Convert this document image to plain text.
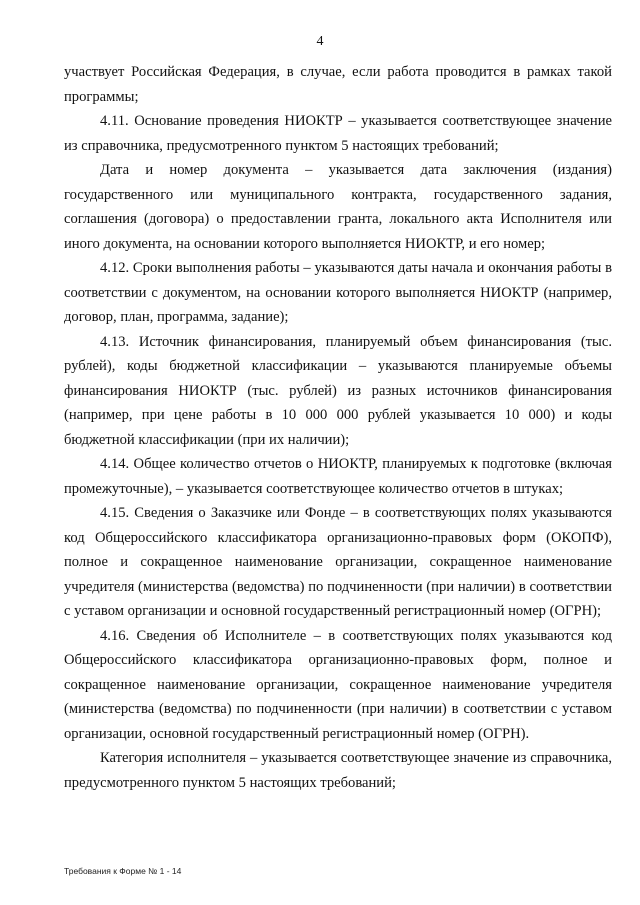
4

участвует Российская Федерация, в случае, если работа проводится в рамках такой программы;

4.11. Основание проведения НИОКТР – указывается соответствующее значение из справочника, предусмотренного пунктом 5 настоящих требований;

Дата и номер документа – указывается дата заключения (издания) государственного или муниципального контракта, государственного задания, соглашения (договора) о предоставлении гранта, локального акта Исполнителя или иного документа, на основании которого выполняется НИОКТР, и его номер;

4.12. Сроки выполнения работы – указываются даты начала и окончания работы в соответствии с документом, на основании которого выполняется НИОКТР (например, договор, план, программа, задание);

4.13. Источник финансирования, планируемый объем финансирования (тыс. рублей), коды бюджетной классификации – указываются планируемые объемы финансирования НИОКТР (тыс. рублей) из разных источников финансирования (например, при цене работы в 10 000 000 рублей указывается 10 000) и коды бюджетной классификации (при их наличии);

4.14. Общее количество отчетов о НИОКТР, планируемых к подготовке (включая промежуточные), – указывается соответствующее количество отчетов в штуках;

4.15. Сведения о Заказчике или Фонде – в соответствующих полях указываются код Общероссийского классификатора организационно-правовых форм (ОКОПФ), полное и сокращенное наименование организации, сокращенное наименование учредителя (министерства (ведомства) по подчиненности (при наличии) в соответствии с уставом организации и основной государственный регистрационный номер (ОГРН);

4.16. Сведения об Исполнителе – в соответствующих полях указываются код Общероссийского классификатора организационно-правовых форм, полное и сокращенное наименование организации, сокращенное наименование учредителя (министерства (ведомства) по подчиненности (при наличии) в соответствии с уставом организации, основной государственный регистрационный номер (ОГРН).

Категория исполнителя – указывается соответствующее значение из справочника, предусмотренного пунктом 5 настоящих требований;

Требования к Форме № 1 - 14
